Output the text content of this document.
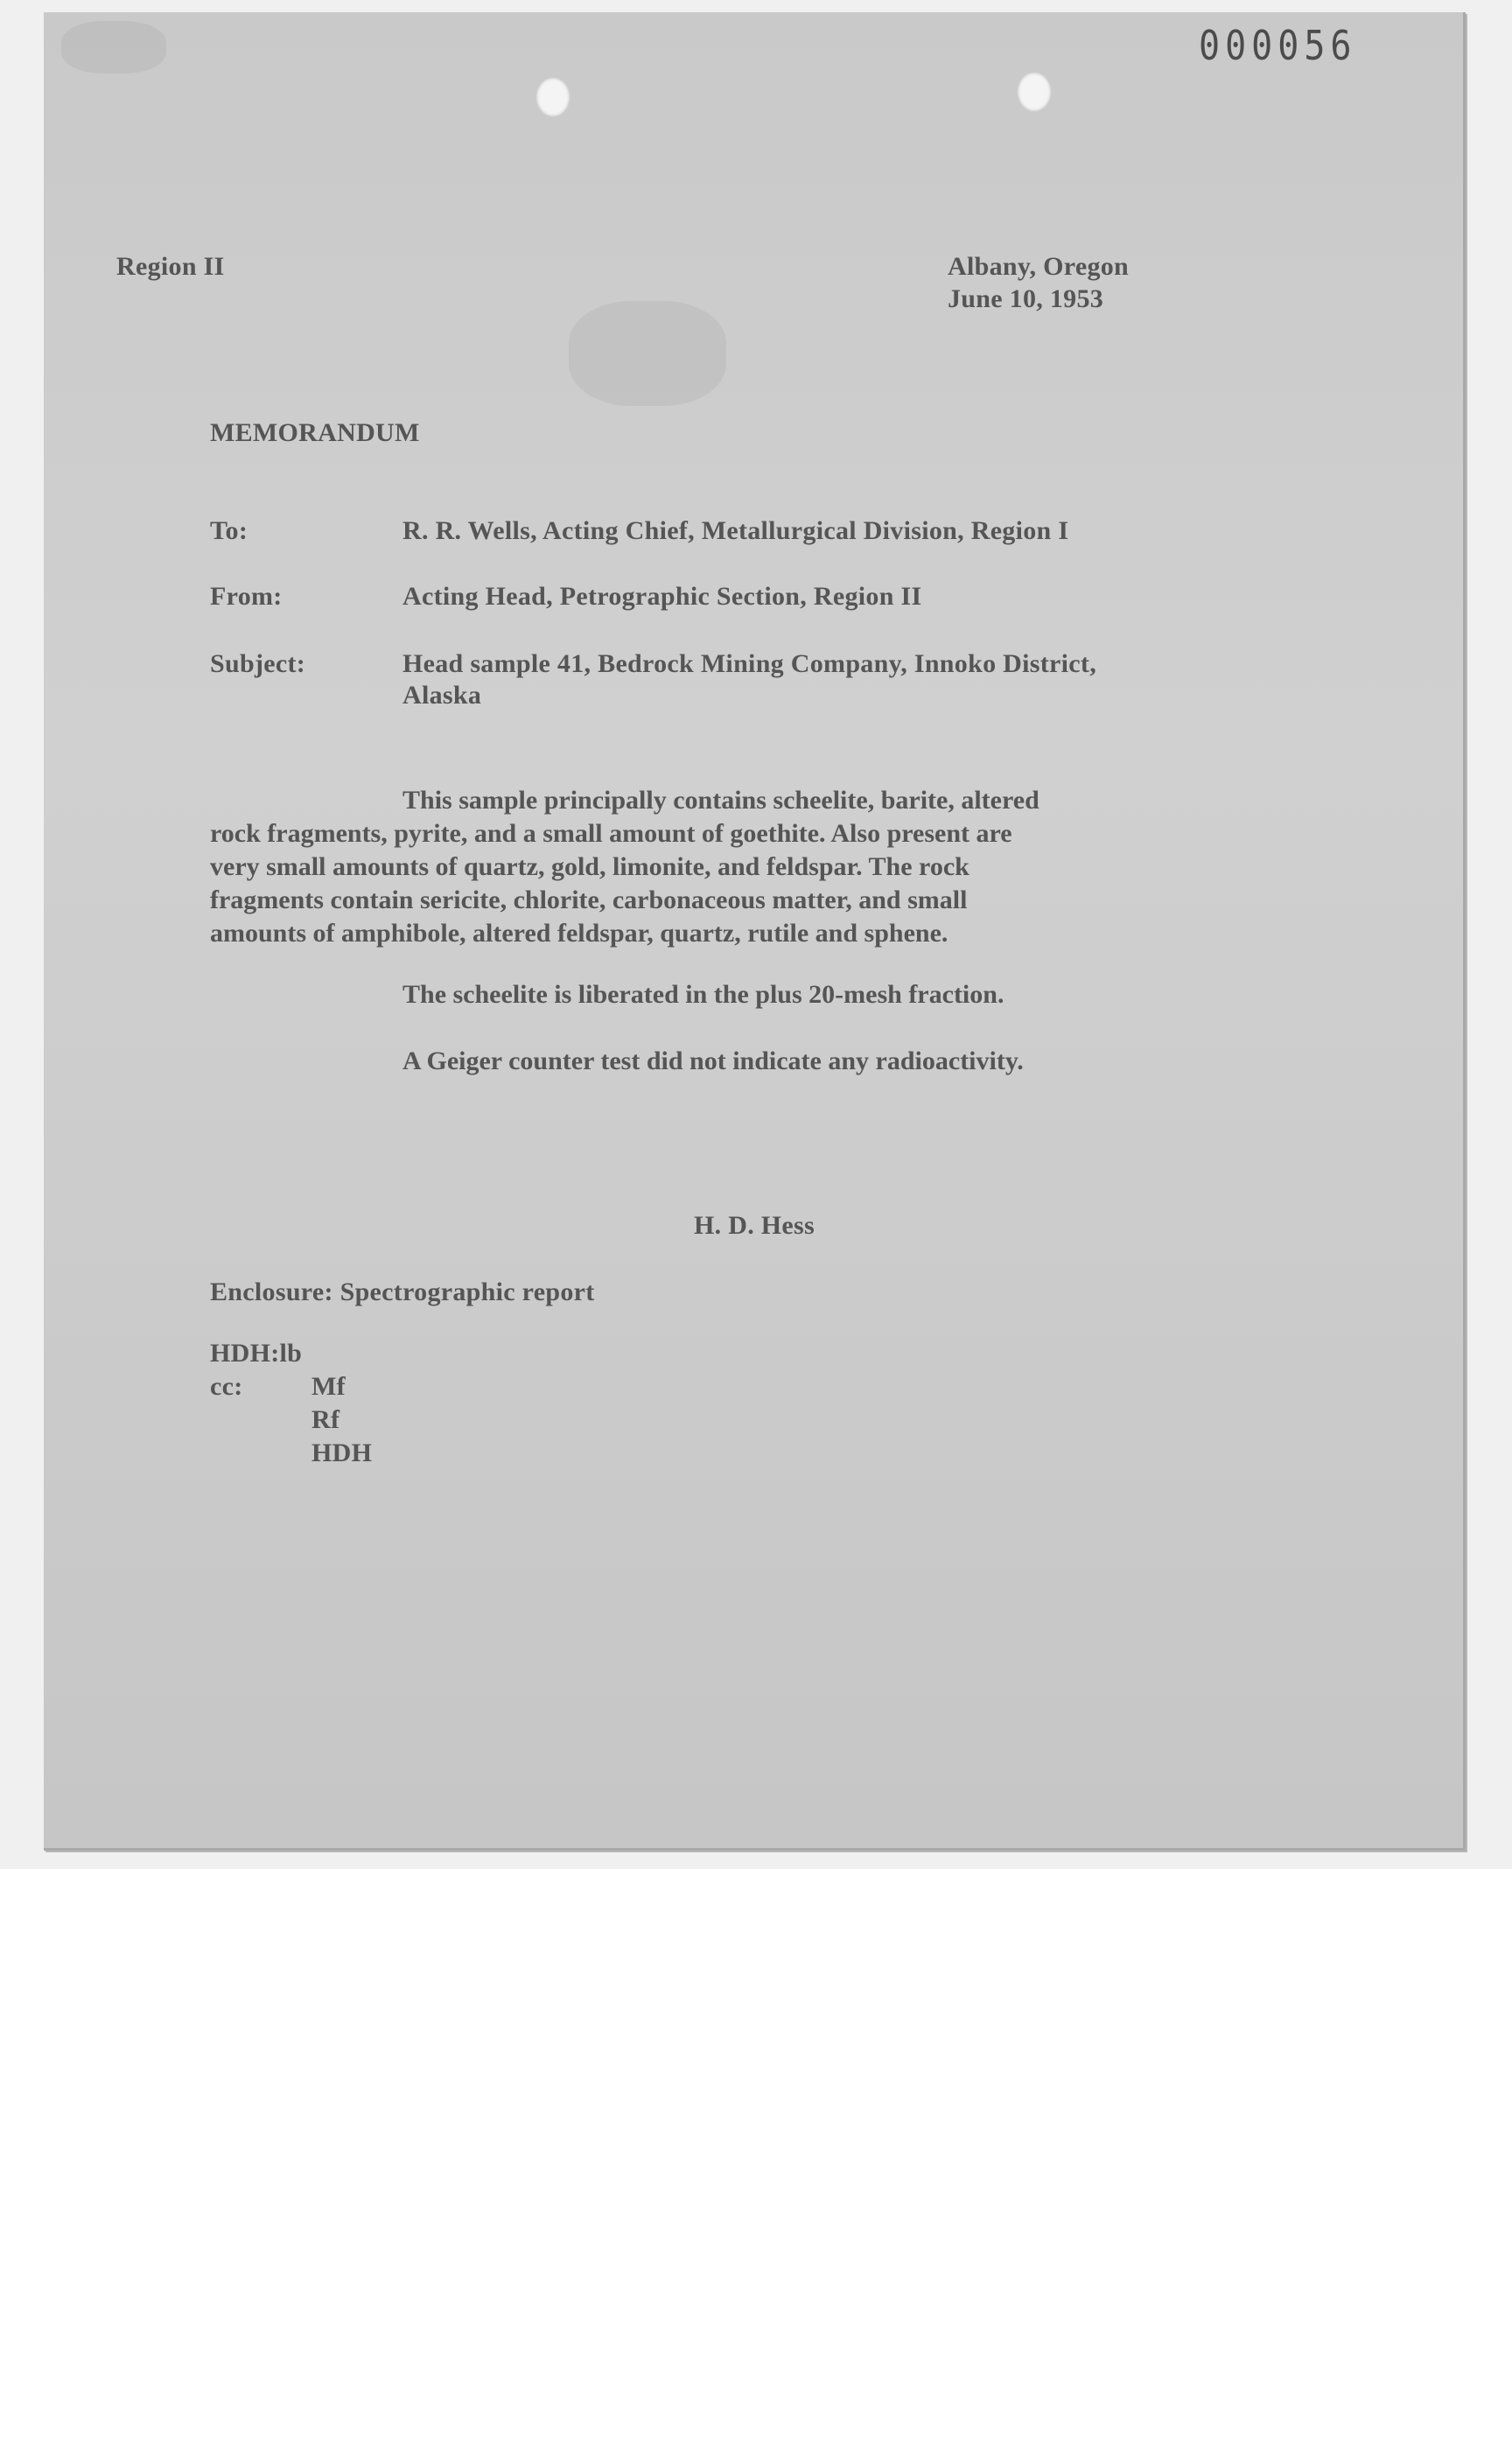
000056
Region II	Albany, Oregon
June 10, 1953
MEMORANDUM
To:	R. R. Wells, Acting Chief, Metallurgical Division, Region I
From:	Acting Head, Petrographic Section, Region II
Subject:	Head sample 41, Bedrock Mining Company, Innoko District,
Alaska
This sample principally contains scheelite, barite, altered
rock fragments, pyrite, and a small amount of goethite. Also present are
very small amounts of quartz, gold, limonite, and feldspar. The rock
fragments contain sericite, chlorite, carbonaceous matter, and small
amounts of amphibole, altered feldspar, quartz, rutile and sphene.
The scheelite is liberated in the plus 20-mesh fraction.
A Geiger counter test did not indicate any radioactivity.
H. D. Hess
Enclosure: Spectrographic report
HDH:lb
cc:	Mf
Rf
HDH
